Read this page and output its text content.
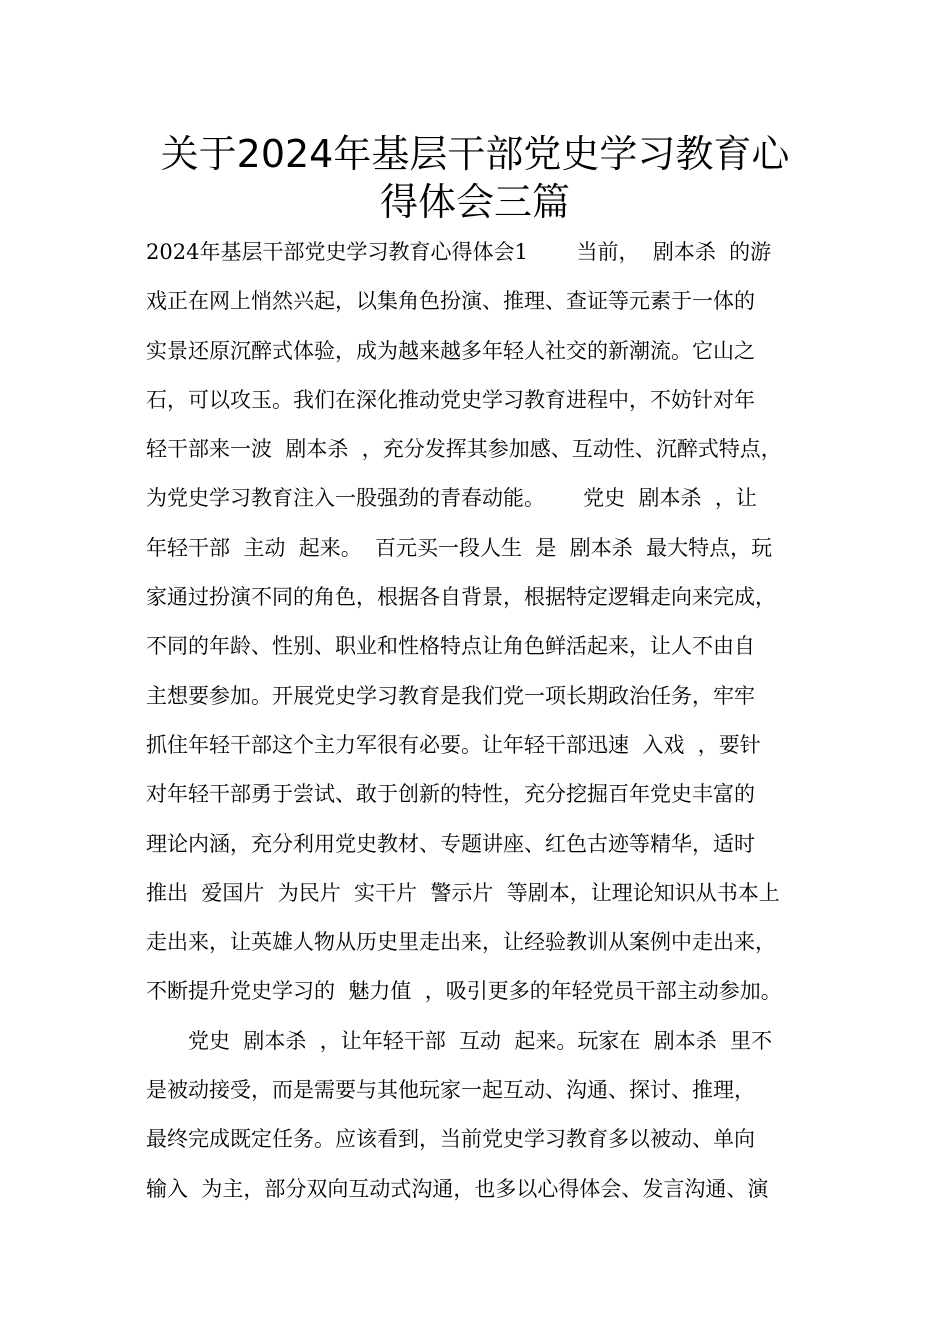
关于2024年基层干部党史学习教育心
得体会三篇
2024年基层干部党史学习教育心得体会1　　 当前，  剧本杀  的游
戏正在网上悄然兴起，以集角色扮演、推理、查证等元素于一体的
实景还原沉醉式体验，成为越来越多年轻人社交的新潮流。它山之
石，可以攻玉。我们在深化推动党史学习教育进程中，不妨针对年
轻干部来一波  剧本杀  ，充分发挥其参加感、互动性、沉醉式特点，
为党史学习教育注入一股强劲的青春动能。　　 党史  剧本杀  ，让
年轻干部  主动  起来。  百元买一段人生  是  剧本杀  最大特点，玩
家通过扮演不同的角色，根据各自背景，根据特定逻辑走向来完成，
不同的年龄、性别、职业和性格特点让角色鲜活起来，让人不由自
主想要参加。开展党史学习教育是我们党一项长期政治任务，牢牢
抓住年轻干部这个主力军很有必要。让年轻干部迅速  入戏  ，要针
对年轻干部勇于尝试、敢于创新的特性，充分挖掘百年党史丰富的
理论内涵，充分利用党史教材、专题讲座、红色古迹等精华，适时
推出  爱国片  为民片  实干片  警示片  等剧本，让理论知识从书本上
走出来，让英雄人物从历史里走出来，让经验教训从案例中走出来，
不断提升党史学习的  魅力值  ，吸引更多的年轻党员干部主动参加。
　　党史  剧本杀  ，让年轻干部  互动  起来。玩家在  剧本杀  里不
是被动接受，而是需要与其他玩家一起互动、沟通、探讨、推理，
最终完成既定任务。应该看到，当前党史学习教育多以被动、单向
输入  为主，部分双向互动式沟通，也多以心得体会、发言沟通、演
